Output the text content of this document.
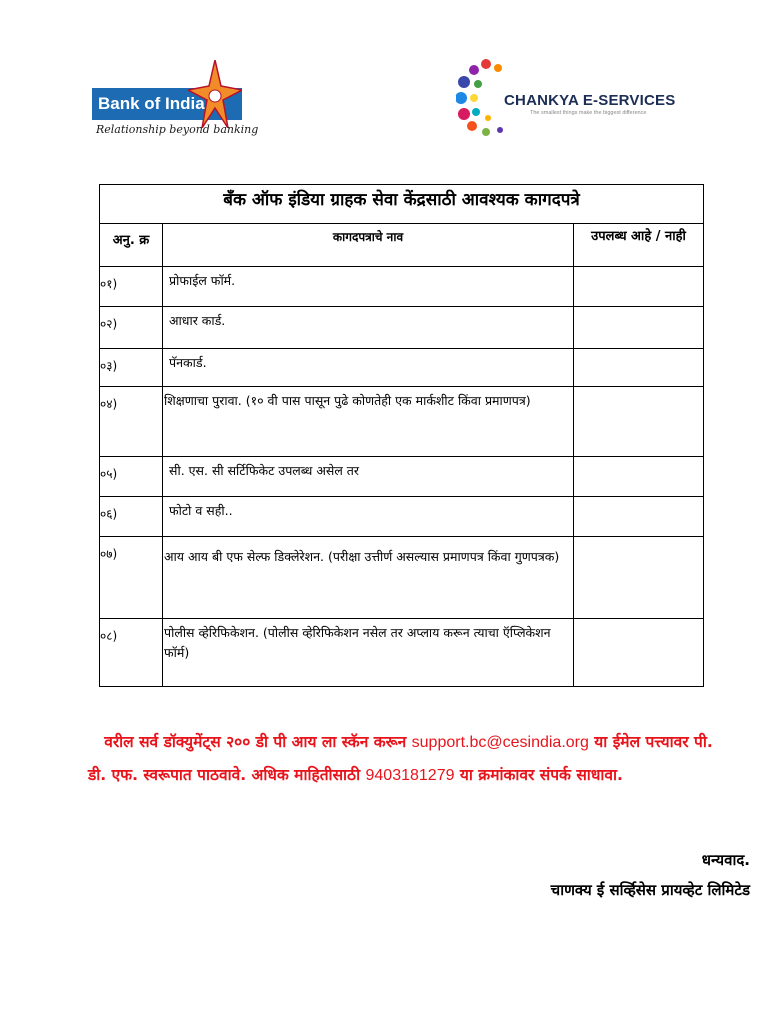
Bank of India
Relationship beyond banking
CHANKYA E-SERVICES
The smallest things make the biggest difference
बॅंक ऑफ इंडिया ग्राहक सेवा केंद्रसाठी आवश्यक कागदपत्रे		
अनु. क्र	कागदपत्राचे नाव	उपलब्ध आहे / नाही
०१)	प्रोफाईल फॉर्म.	
०२)	आधार कार्ड.	
०३)	पॅनकार्ड.	
०४)	शिक्षणाचा पुरावा. (१० वी पास पासून पुढे कोणतेही एक मार्कशीट किंवा प्रमाणपत्र)	
०५)	सी. एस. सी सर्टिफिकेट उपलब्ध असेल तर	
०६)	फोटो व सही..	
०७)	आय आय बी एफ सेल्फ डिक्लेरेशन. (परीक्षा उत्तीर्ण असल्यास प्रमाणपत्र किंवा गुणपत्रक)	
०८)	पोलीस व्हेरिफिकेशन. (पोलीस व्हेरिफिकेशन नसेल तर अप्लाय करून त्याचा ऍप्लिकेशन फॉर्म)	
वरील सर्व डॉक्युमेंट्स २०० डी पी आय ला स्कॅन करून support.bc@cesindia.org या ईमेल पत्त्यावर पी. डी. एफ. स्वरूपात पाठवावे. अधिक माहितीसाठी 9403181279 या क्रमांकावर संपर्क साधावा.
धन्यवाद.
चाणक्य ई सर्व्हिसेस प्रायव्हेट लिमिटेड
